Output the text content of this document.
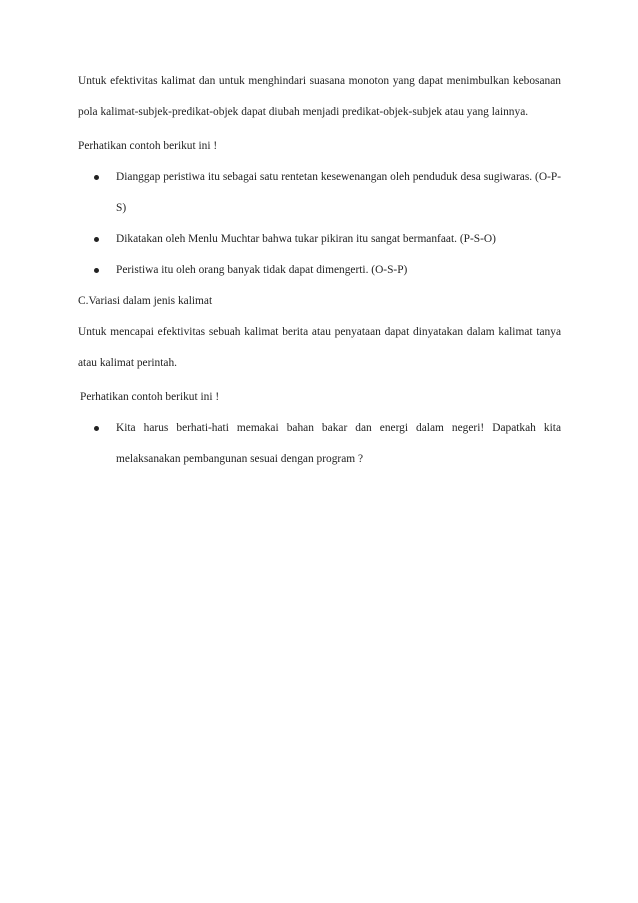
Untuk efektivitas kalimat dan untuk menghindari suasana monoton yang dapat menimbulkan kebosanan pola kalimat-subjek-predikat-objek dapat diubah menjadi predikat-objek-subjek atau yang lainnya.

Perhatikan contoh berikut ini !

Dianggap peristiwa itu sebagai satu rentetan kesewenangan oleh penduduk desa sugiwaras. (O-P-S)
Dikatakan oleh Menlu Muchtar bahwa tukar pikiran itu sangat bermanfaat. (P-S-O)
Peristiwa itu oleh orang banyak tidak dapat dimengerti. (O-S-P)

C.Variasi dalam jenis kalimat

Untuk mencapai efektivitas sebuah kalimat berita atau penyataan dapat dinyatakan dalam kalimat tanya atau kalimat perintah.

Perhatikan contoh berikut ini !

Kita harus berhati-hati memakai bahan bakar dan energi dalam negeri! Dapatkah kita melaksanakan pembangunan sesuai dengan program ?
